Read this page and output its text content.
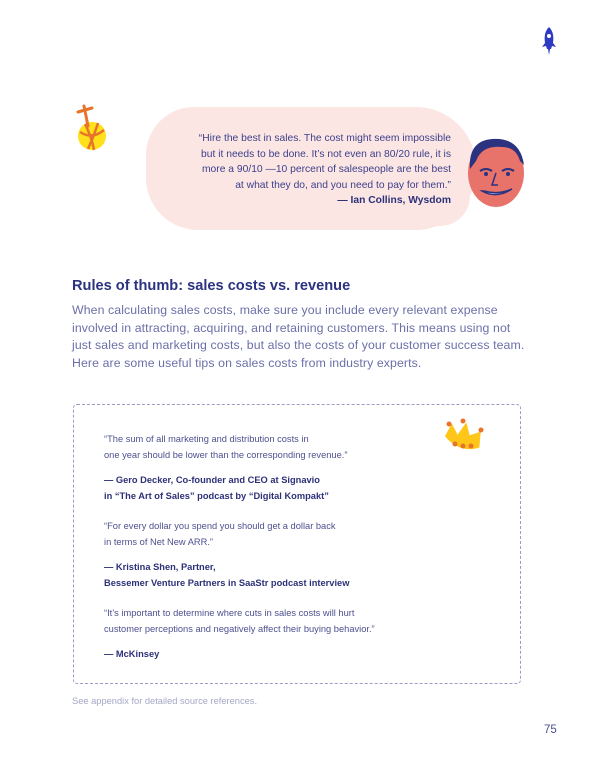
“Hire the best in sales. The cost might seem impossible
but it needs to be done. It’s not even an 80/20 rule, it is
more a 90/10 —10 percent of salespeople are the best
at what they do, and you need to pay for them.”
— Ian Collins, Wysdom
Rules of thumb: sales costs vs. revenue

When calculating sales costs, make sure you include every relevant expense involved in attracting, acquiring, and retaining customers. This means using not just sales and marketing costs, but also the costs of your customer success team. Here are some useful tips on sales costs from industry experts.

“The sum of all marketing and distribution costs in
one year should be lower than the corresponding revenue.”
— Gero Decker, Co-founder and CEO at Signavio
in “The Art of Sales” podcast by “Digital Kompakt”
“For every dollar you spend you should get a dollar back
in terms of Net New ARR.”
— Kristina Shen, Partner,
Bessemer Venture Partners in SaaStr podcast interview
“It’s important to determine where cuts in sales costs will hurt
customer perceptions and negatively affect their buying behavior.”
— McKinsey
See appendix for detailed source references.
75
